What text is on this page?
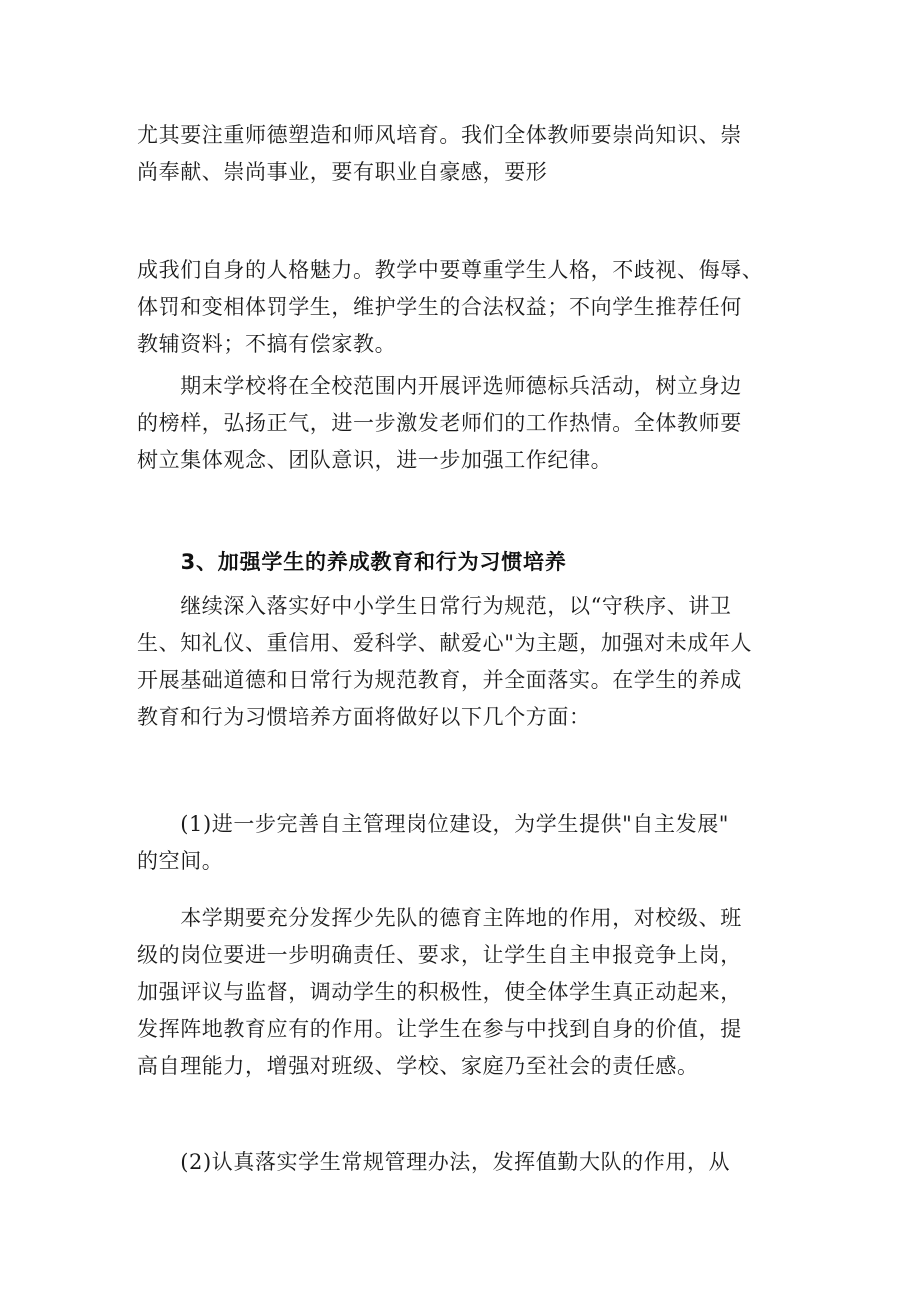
尤其要注重师德塑造和师风培育。我们全体教师要崇尚知识、崇
尚奉献、崇尚事业，要有职业自豪感，要形

成我们自身的人格魅力。教学中要尊重学生人格，不歧视、侮辱、
体罚和变相体罚学生，维护学生的合法权益；不向学生推荐任何
教辅资料；不搞有偿家教。

　　期末学校将在全校范围内开展评选师德标兵活动，树立身边
的榜样，弘扬正气，进一步激发老师们的工作热情。全体教师要
树立集体观念、团队意识，进一步加强工作纪律。

　　3、加强学生的养成教育和行为习惯培养

　　继续深入落实好中小学生日常行为规范，以“守秩序、讲卫
生、知礼仪、重信用、爱科学、献爱心"为主题，加强对未成年人
开展基础道德和日常行为规范教育，并全面落实。在学生的养成
教育和行为习惯培养方面将做好以下几个方面：

　　(1)进一步完善自主管理岗位建设，为学生提供"自主发展"
的空间。

　　本学期要充分发挥少先队的德育主阵地的作用，对校级、班
级的岗位要进一步明确责任、要求，让学生自主申报竞争上岗，
加强评议与监督，调动学生的积极性，使全体学生真正动起来，
发挥阵地教育应有的作用。让学生在参与中找到自身的价值，提
高自理能力，增强对班级、学校、家庭乃至社会的责任感。

　　(2)认真落实学生常规管理办法，发挥值勤大队的作用，从
